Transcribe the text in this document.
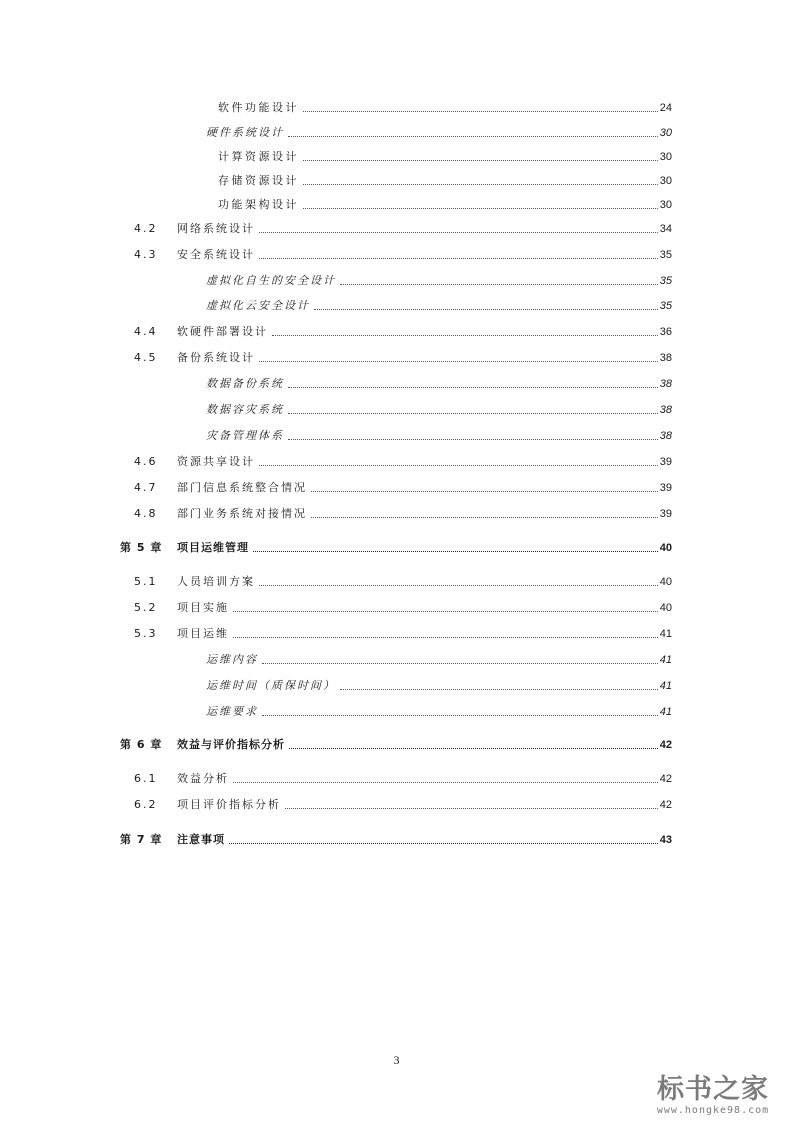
软件功能设计	24
硬件系统设计	30
计算资源设计	30
存储资源设计	30
功能架构设计	30
4.2 网络系统设计	34
4.3 安全系统设计	35
虚拟化自生的安全设计	35
虚拟化云安全设计	35
4.4 软硬件部署设计	36
4.5 备份系统设计	38
数据备份系统	38
数据容灾系统	38
灾备管理体系	38
4.6 资源共享设计	39
4.7 部门信息系统整合情况	39
4.8 部门业务系统对接情况	39
第 5 章 项目运维管理	40
5.1 人员培训方案	40
5.2 项目实施	40
5.3 项目运维	41
运维内容	41
运维时间（质保时间）	41
运维要求	41
第 6 章 效益与评价指标分析	42
6.1 效益分析	42
6.2 项目评价指标分析	42
第 7 章 注意事项	43
3
标书之家
www.hongke98.com
